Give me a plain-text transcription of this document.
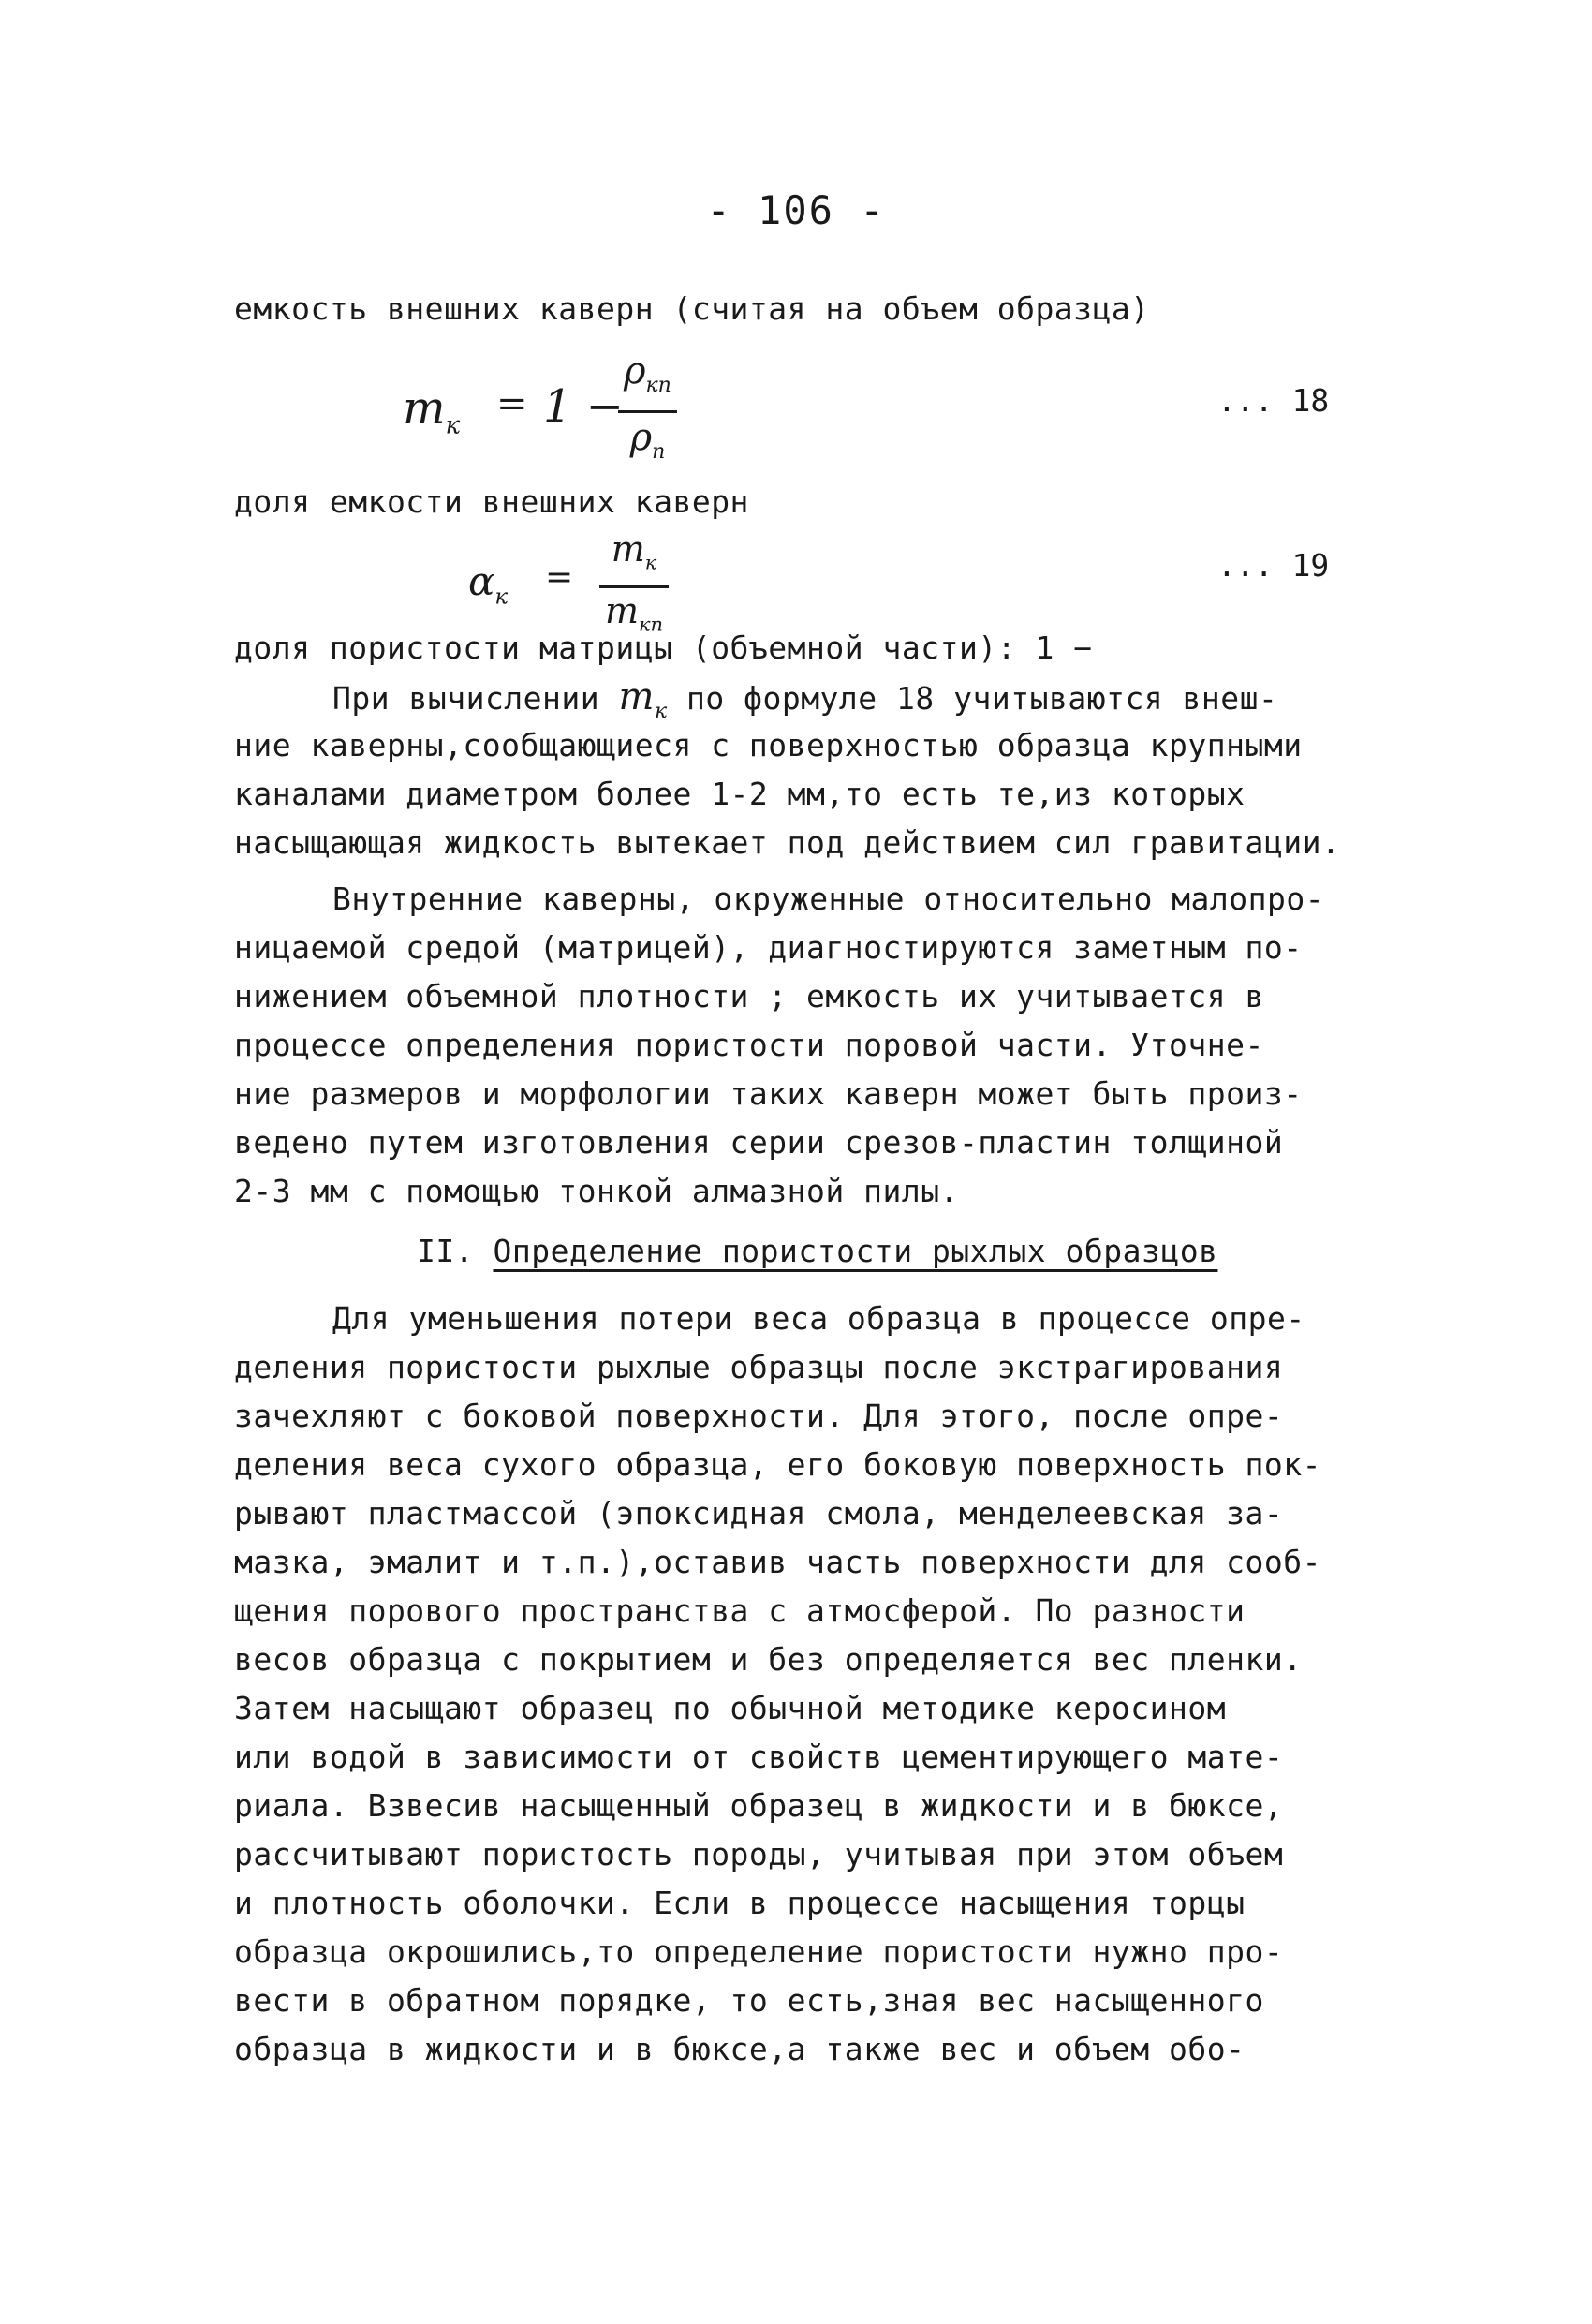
- 106 -
емкость внешних каверн (считая на объем образца)
$m_к$
= 1 −
$\rho_{кп}$
$\rho_п$
... 18
доля емкости внешних каверн
$\alpha_к$
=
$m_к$
$m_{кп}$
... 19
доля пористости матрицы (объемной части): 1 −
При вычислении $m_к$ по формуле 18 учитываются внеш-
ние каверны,сообщающиеся с поверхностью образца крупными
каналами диаметром более 1-2 мм,то есть те,из которых
насыщающая жидкость вытекает под действием сил гравитации.
Внутренние каверны, окруженные относительно малопро-
ницаемой средой (матрицей), диагностируются заметным по-
нижением объемной плотности ; емкость их учитывается в
процессе определения пористости поровой части. Уточне-
ние размеров и морфологии таких каверн может быть произ-
ведено путем изготовления серии срезов-пластин толщиной
2-3 мм с помощью тонкой алмазной пилы.
II. Определение пористости рыхлых образцов
Для уменьшения потери веса образца в процессе опре-
деления пористости рыхлые образцы после экстрагирования
зачехляют с боковой поверхности. Для этого, после опре-
деления веса сухого образца, его боковую поверхность пок-
рывают пластмассой (эпоксидная смола, менделеевская за-
мазка, эмалит и т.п.),оставив часть поверхности для сооб-
щения порового пространства с атмосферой. По разности
весов образца с покрытием и без определяется вес пленки.
Затем насыщают образец по обычной методике керосином
или водой в зависимости от свойств цементирующего мате-
риала. Взвесив насыщенный образец в жидкости и в бюксе,
рассчитывают пористость породы, учитывая при этом объем
и плотность оболочки. Если в процессе насыщения торцы
образца окрошились,то определение пористости нужно про-
вести в обратном порядке, то есть,зная вес насыщенного
образца в жидкости и в бюксе,а также вес и объем обо-
